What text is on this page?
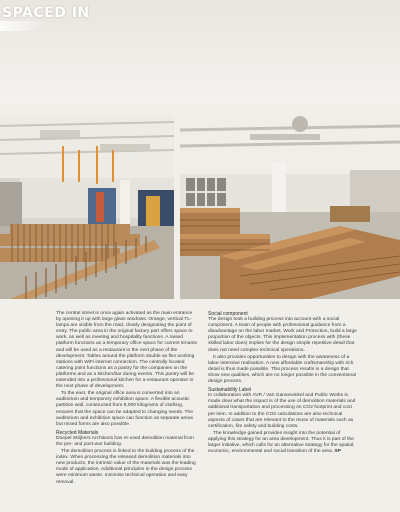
SPACED IN

The central street is once again activated as the main entrance by opening it up with large glass windows. Orange, vertical TL-lamps are visible from the road, clearly designating the point of entry. The public area in the original factory part offers space to work, as well as meeting and hospitality functions. A raised platform functions as a temporary office space for current tenants and will be used as a restaurant in the next phase of the development. Tables around the platform double as flex working stations with WiFi internet connection. The centrally located catering point functions as a pantry for the companies on the platforms and as a kitchen/bar during events. This pantry will be extended into a professional kitchen for a restaurant operator in the next phase of development.

To the east, the original office area is converted into an auditorium and temporary exhibition space. A flexible acoustic partition wall, constructed from 8,000 kilograms of clothing, ensures that the space can be adapted to changing needs. The auditorium and exhibition space can function as separate areas but mixed forms are also possible.

Recycled Materials

Doepel Strijkers Architects has re-used demolition material from the pre- and post-war building.

The demolition process is linked to the building process of the index. When processing the released demolition materials into new products, the intrinsic value of the materials was the leading mode of application. Additional principles in the design process were minimum waste, minimise technical operation and easy removal.

Social component

The design took a building process into account with a social component. A team of people with professional guidance from a disadvantage on the labor market, Work and Protection, build a large proportion of the objects. This implementation process with (these skilled labor does) implies for the design simple repetitive detail that does not need complex technical operations.

It also provides opportunities to design with the awareness of a labor-intensive realisation. A new affordable craftsmanship with rich detail is thus made possible. This process results in a design that show new qualities, which are no longer possible in the conventional design process.

Sustainability Label

In collaboration with AVR / Van Gansewinkel and Public Works is made clear what the impact is of the use of demolition materials and additional transportation and processing on CO2 footprint and cost per item. In addition to the CO2 calculations are also technical aspects of cases that are relevant to the reuse of materials such as certification, fire safety and building costs.

The knowledge gained provides insight into the potential of applying this strategy for an area development. Thus it is part of the larger initiative, which calls for an alternative strategy for the spatial, economic, environmental and social transition of the area. SP
